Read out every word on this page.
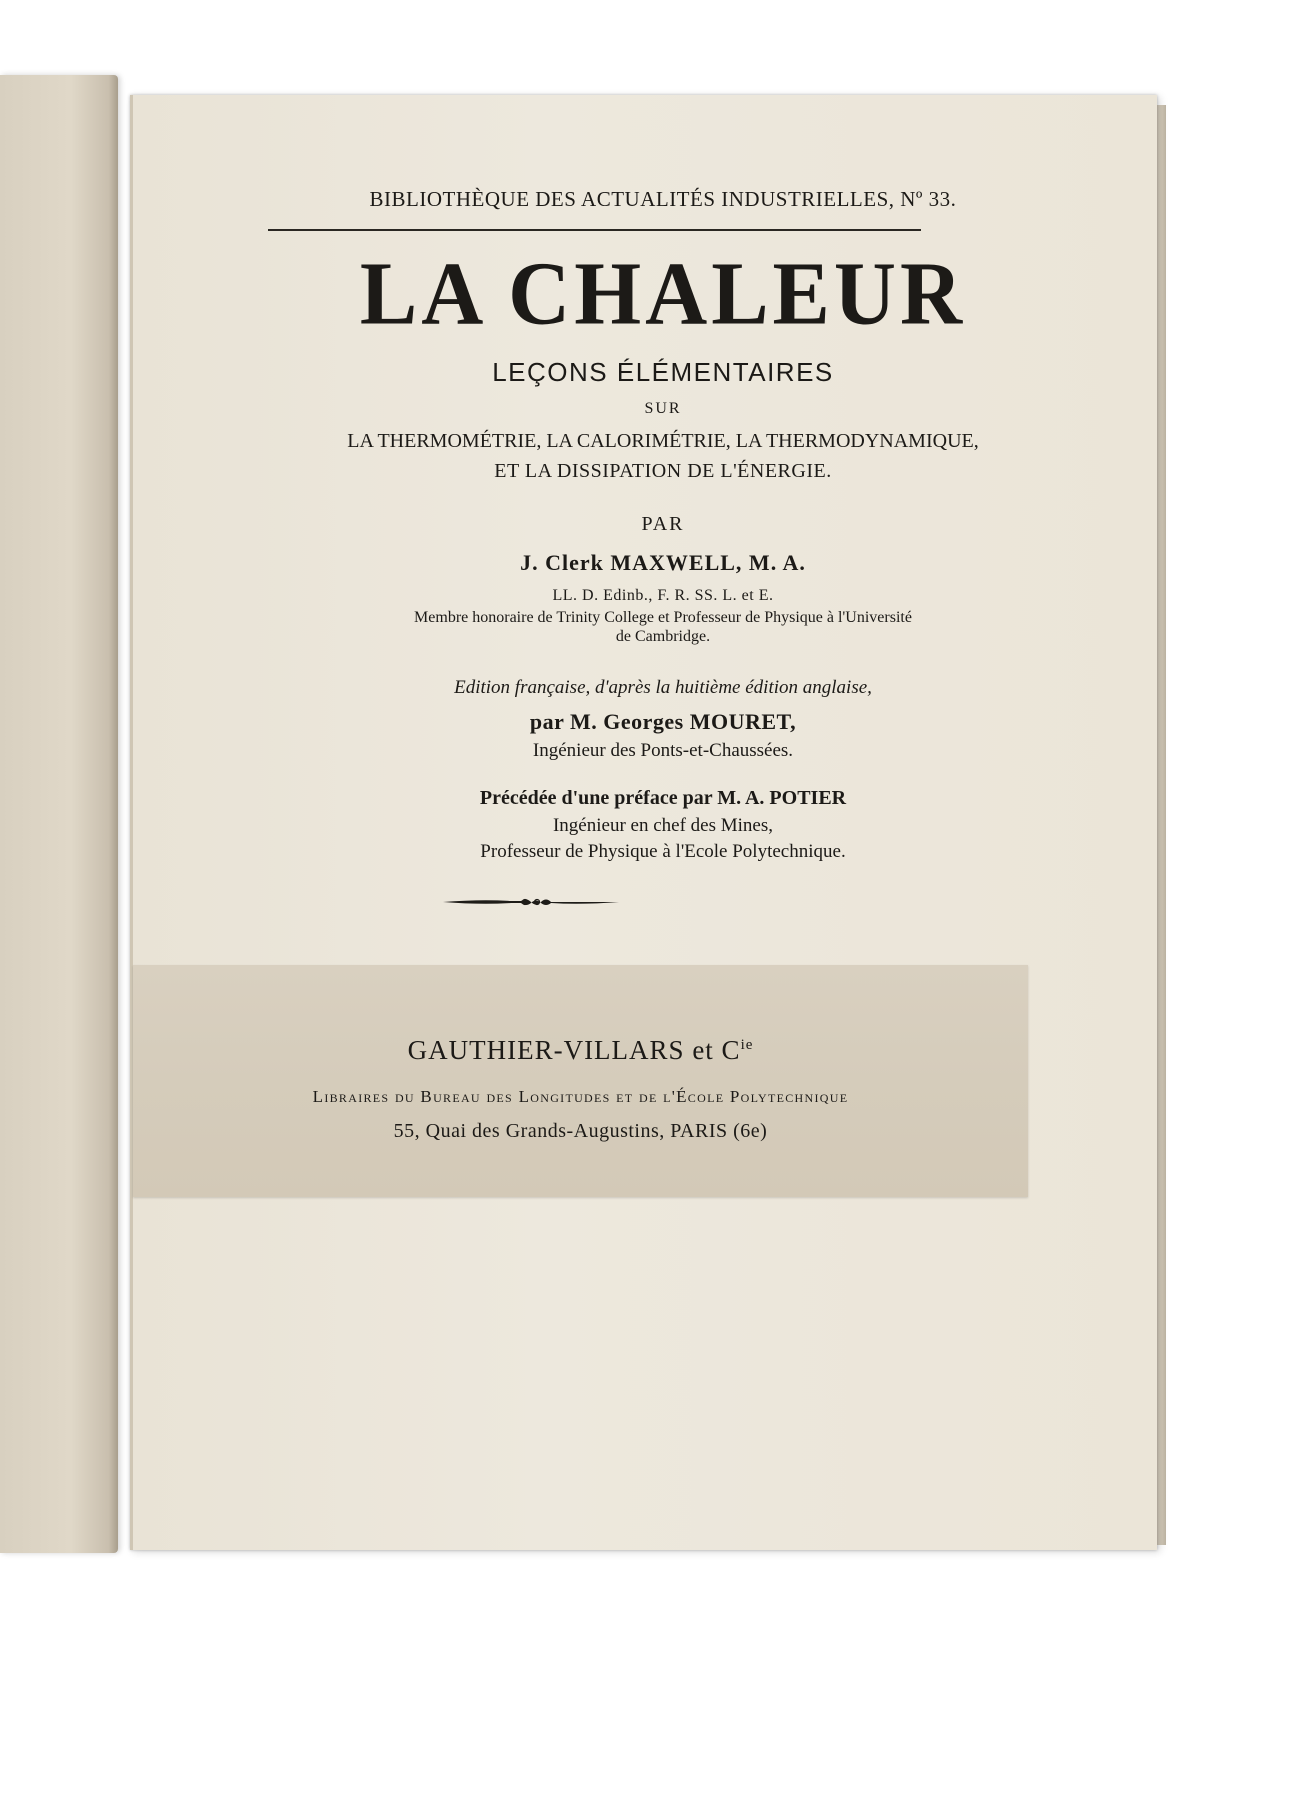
BIBLIOTHÈQUE DES ACTUALITÉS INDUSTRIELLES, Nº 33.
LA CHALEUR
LEÇONS ÉLÉMENTAIRES
SUR
LA THERMOMÉTRIE, LA CALORIMÉTRIE, LA THERMODYNAMIQUE,
ET LA DISSIPATION DE L'ÉNERGIE.
PAR
J. Clerk MAXWELL, M. A.
LL. D. Edinb., F. R. SS. L. et E.
Membre honoraire de Trinity College et Professeur de Physique à l'Université
de Cambridge.
Edition française, d'après la huitième édition anglaise,
par M. Georges MOURET,
Ingénieur des Ponts-et-Chaussées.
Précédée d'une préface par M. A. POTIER
Ingénieur en chef des Mines,
Professeur de Physique à l'Ecole Polytechnique.
GAUTHIER-VILLARS et $C^{ie}$
Libraires du Bureau des Longitudes et de l'École Polytechnique
55, Quai des Grands-Augustins, PARIS (6e)
